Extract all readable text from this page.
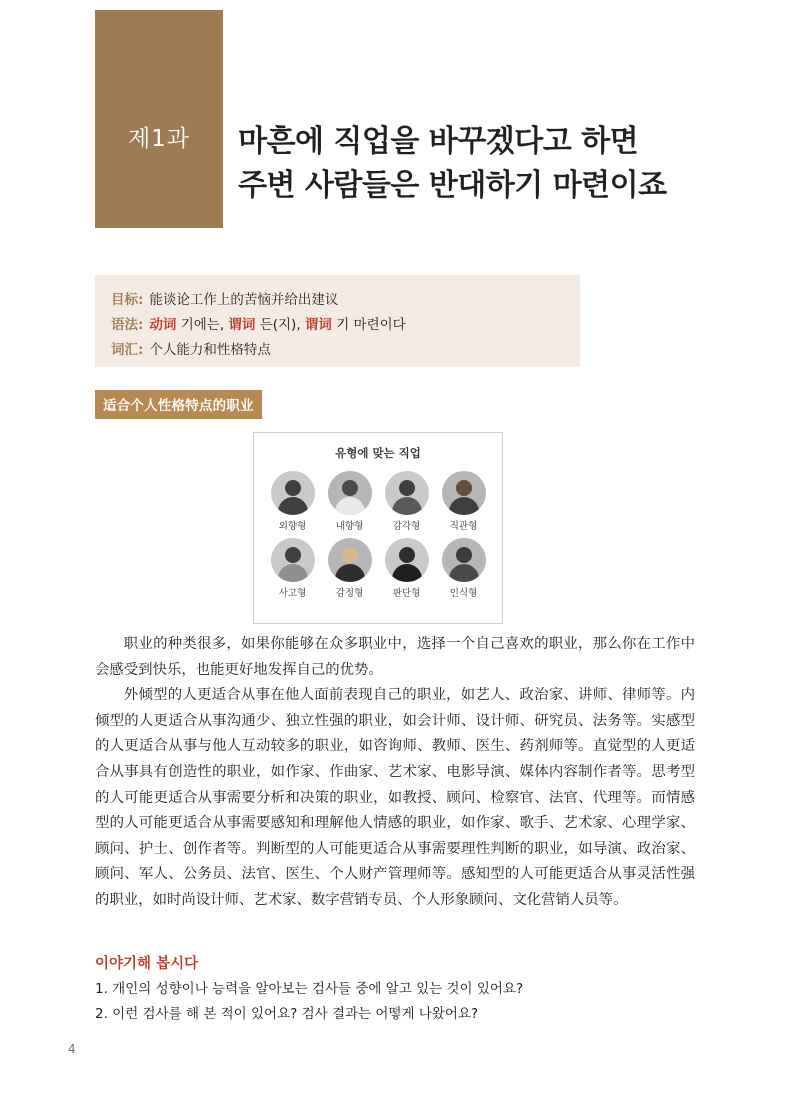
제1과	마흔에 직업을 바꾸겠다고 하면
주변 사람들은 반대하기 마련이죠
目标: 能谈论工作上的苦恼并给出建议
语法: 动词 기에는, 谓词 든(지), 谓词 기 마련이다
词汇: 个人能力和性格特点
适合个人性格特点的职业
유형에 맞는 직업
외향형	내향형	감각형	직관형
사고형	감정형	판단형	인식형

职业的种类很多，如果你能够在众多职业中，选择一个自己喜欢的职业，那么你在工作中会感受到快乐，也能更好地发挥自己的优势。

外倾型的人更适合从事在他人面前表现自己的职业，如艺人、政治家、讲师、律师等。内倾型的人更适合从事沟通少、独立性强的职业，如会计师、设计师、研究员、法务等。实感型的人更适合从事与他人互动较多的职业，如咨询师、教师、医生、药剂师等。直觉型的人更适合从事具有创造性的职业，如作家、作曲家、艺术家、电影导演、媒体内容制作者等。思考型的人可能更适合从事需要分析和决策的职业，如教授、顾问、检察官、法官、代理等。而情感型的人可能更适合从事需要感知和理解他人情感的职业，如作家、歌手、艺术家、心理学家、顾问、护士、创作者等。判断型的人可能更适合从事需要理性判断的职业，如导演、政治家、顾问、军人、公务员、法官、医生、个人财产管理师等。感知型的人可能更适合从事灵活性强的职业，如时尚设计师、艺术家、数字营销专员、个人形象顾问、文化营销人员等。

이야기해 봅시다
1. 개인의 성향이나 능력을 알아보는 검사들 중에 알고 있는 것이 있어요?
2. 이런 검사를 해 본 적이 있어요? 검사 결과는 어떻게 나왔어요?
4
